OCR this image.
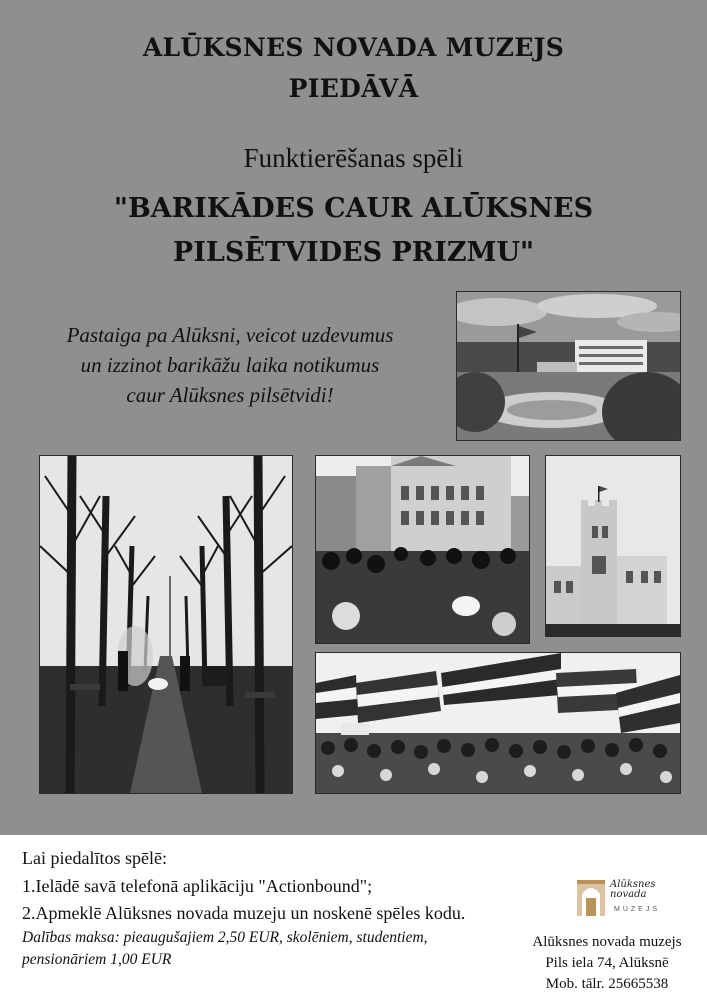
ALŪKSNES NOVADA MUZEJS
PIEDĀVĀ
Funktierēšanas spēli
"BARIKĀDES CAUR ALŪKSNES
PILSĒTVIDES PRIZMU"
Pastaiga pa Alūksni, veicot uzdevumus
un izzinot barikāžu laika notikumus
caur Alūksnes pilsētvidi!
Lai piedalītos spēlē:
1.Ielādē savā telefonā aplikāciju "Actionbound";
2.Apmeklē Alūksnes novada muzeju un noskenē spēles kodu.
Dalības maksa: pieaugušajiem 2,50 EUR, skolēniem, studentiem,
pensionāriem 1,00 EUR
Alūksnes novada
MUZEJS
Alūksnes novada muzejs
Pils iela 74, Alūksnē
Mob. tālr. 25665538
